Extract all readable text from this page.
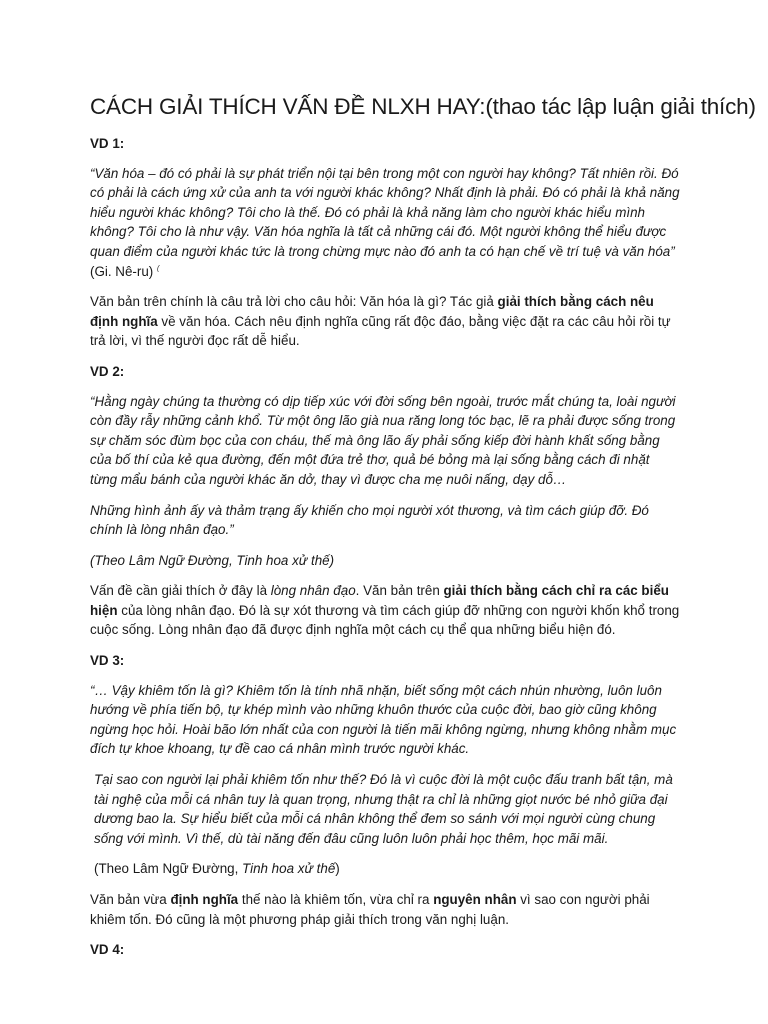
CÁCH GIẢI THÍCH VẤN ĐỀ NLXH HAY:(thao tác lập luận giải thích)

VD 1:

“Văn hóa – đó có phải là sự phát triển nội tại bên trong một con người hay không? Tất nhiên rồi. Đó có phải là cách ứng xử của anh ta với người khác không? Nhất định là phải. Đó có phải là khả năng hiểu người khác không? Tôi cho là thế. Đó có phải là khả năng làm cho người khác hiểu mình không? Tôi cho là như vậy. Văn hóa nghĩa là tất cả những cái đó. Một người không thể hiểu được quan điểm của người khác tức là trong chừng mực nào đó anh ta có hạn chế về trí tuệ và văn hóa” (Gi. Nê-ru) (

Văn bản trên chính là câu trả lời cho câu hỏi: Văn hóa là gì? Tác giả giải thích bằng cách nêu định nghĩa về văn hóa. Cách nêu định nghĩa cũng rất độc đáo, bằng việc đặt ra các câu hỏi rồi tự trả lời, vì thế người đọc rất dễ hiểu.

VD 2:

“Hằng ngày chúng ta thường có dịp tiếp xúc với đời sống bên ngoài, trước mắt chúng ta, loài người còn đầy rẫy những cảnh khổ. Từ một ông lão già nua răng long tóc bạc, lẽ ra phải được sống trong sự chăm sóc đùm bọc của con cháu, thế mà ông lão ấy phải sống kiếp đời hành khất sống bằng của bố thí của kẻ qua đường, đến một đứa trẻ thơ, quả bé bỏng mà lại sống bằng cách đi nhặt từng mẩu bánh của người khác ăn dở, thay vì được cha mẹ nuôi nấng, dạy dỗ…

Những hình ảnh ấy và thảm trạng ấy khiến cho mọi người xót thương, và tìm cách giúp đỡ. Đó chính là lòng nhân đạo.”

(Theo Lâm Ngữ Đường, Tinh hoa xử thế)

Vấn đề cần giải thích ở đây là lòng nhân đạo. Văn bản trên giải thích bằng cách chỉ ra các biểu hiện của lòng nhân đạo. Đó là sự xót thương và tìm cách giúp đỡ những con người khốn khổ trong cuộc sống. Lòng nhân đạo đã được định nghĩa một cách cụ thể qua những biểu hiện đó.

VD 3:

“… Vậy khiêm tốn là gì? Khiêm tốn là tính nhã nhặn, biết sống một cách nhún nhường, luôn luôn hướng về phía tiến bộ, tự khép mình vào những khuôn thước của cuộc đời, bao giờ cũng không ngừng học hỏi. Hoài bão lớn nhất của con người là tiến mãi không ngừng, nhưng không nhằm mục đích tự khoe khoang, tự đề cao cá nhân mình trước người khác.

Tại sao con người lại phải khiêm tốn như thế? Đó là vì cuộc đời là một cuộc đấu tranh bất tận, mà tài nghệ của mỗi cá nhân tuy là quan trọng, nhưng thật ra chỉ là những giọt nước bé nhỏ giữa đại dương bao la. Sự hiểu biết của mỗi cá nhân không thể đem so sánh với mọi người cùng chung sống với mình. Vì thế, dù tài năng đến đâu cũng luôn luôn phải học thêm, học mãi mãi.

(Theo Lâm Ngữ Đường, Tinh hoa xử thế)

Văn bản vừa định nghĩa thế nào là khiêm tốn, vừa chỉ ra nguyên nhân vì sao con người phải khiêm tốn. Đó cũng là một phương pháp giải thích trong văn nghị luận.

VD 4:
